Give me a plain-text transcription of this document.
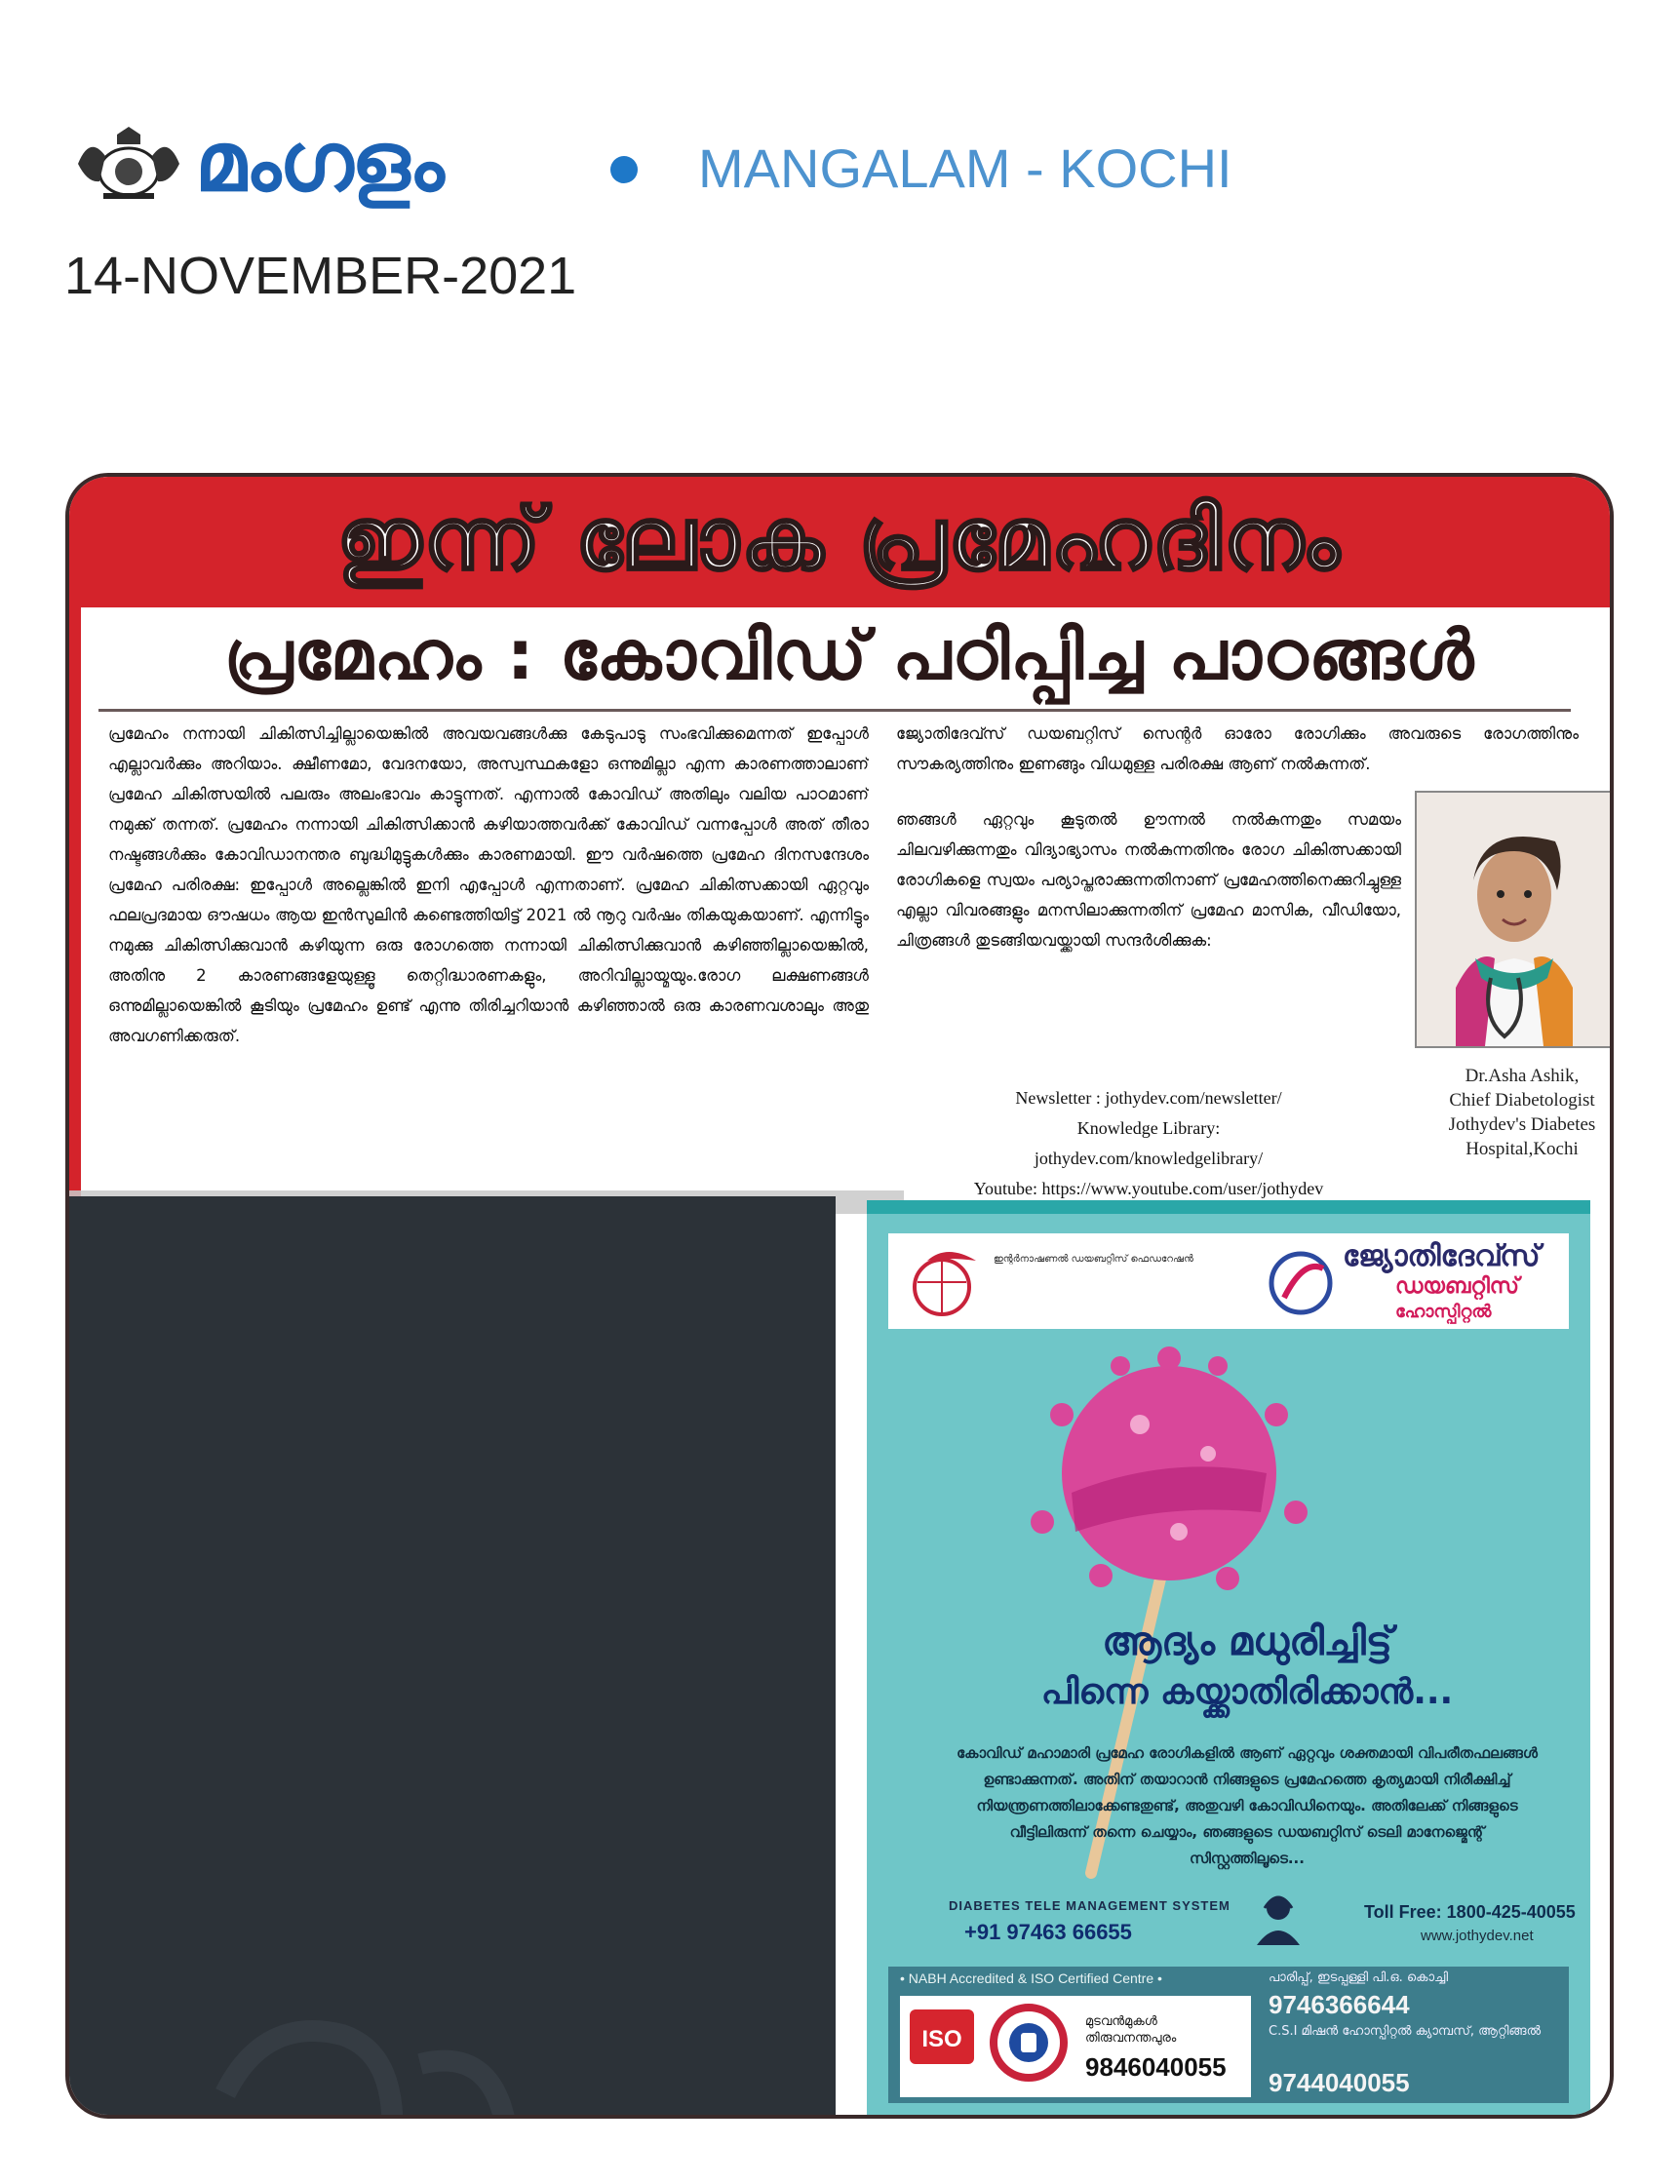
മംഗളം	MANGALAM - KOCHI
14-NOVEMBER-2021
ഇന്ന് ലോക പ്രമേഹദിനം
പ്രമേഹം : കോവിഡ് പഠിപ്പിച്ച പാഠങ്ങൾ
പ്രമേഹം നന്നായി ചികിത്സിച്ചില്ലായെങ്കിൽ അവയവങ്ങൾക്കു കേടുപാടു സംഭവിക്കുമെന്നത് ഇപ്പോൾ എല്ലാവർക്കും അറിയാം. ക്ഷീണമോ, വേദനയോ, അസ്വസ്ഥകളോ ഒന്നുമില്ലാ എന്ന കാരണത്താലാണ് പ്രമേഹ ചികിത്സയിൽ പലരും അലംഭാവം കാട്ടുന്നത്. എന്നാൽ കോവിഡ് അതിലും വലിയ പാഠമാണ് നമുക്ക് തന്നത്. പ്രമേഹം നന്നായി ചികിത്സിക്കാൻ കഴിയാത്തവർക്ക് കോവിഡ് വന്നപ്പോൾ അത് തീരാ നഷ്ടങ്ങൾക്കും കോവിഡാനന്തര ബുദ്ധിമുട്ടുകൾക്കും കാരണമായി. ഈ വർഷത്തെ പ്രമേഹ ദിനസന്ദേശം പ്രമേഹ പരിരക്ഷ: ഇപ്പോൾ അല്ലെങ്കിൽ ഇനി എപ്പോൾ എന്നതാണ്. പ്രമേഹ ചികിത്സക്കായി ഏറ്റവും ഫലപ്രദമായ ഔഷധം ആയ ഇൻസുലിൻ കണ്ടെത്തിയിട്ട് 2021 ൽ നൂറു വർഷം തികയുകയാണ്. എന്നിട്ടും നമുക്കു ചികിത്സിക്കുവാൻ കഴിയുന്ന ഒരു രോഗത്തെ നന്നായി ചികിത്സിക്കുവാൻ കഴിഞ്ഞില്ലായെങ്കിൽ, അതിനു 2 കാരണങ്ങളേയുള്ളൂ തെറ്റിദ്ധാരണകളും, അറിവില്ലായ്മയും.രോഗ ലക്ഷണങ്ങൾ ഒന്നുമില്ലായെങ്കിൽ കൂടിയും പ്രമേഹം ഉണ്ട് എന്നു തിരിച്ചറിയാൻ കഴിഞ്ഞാൽ ഒരു കാരണവശാലും അതു അവഗണിക്കരുത്.
ജ്യോതിദേവ്സ് ഡയബറ്റിസ് സെന്റർ ഓരോ രോഗിക്കും അവരുടെ രോഗത്തിനും സൗകര്യത്തിനും ഇണങ്ങും വിധമുള്ള പരിരക്ഷ ആണ് നൽകുന്നത്.
ഞങ്ങൾ ഏറ്റവും കൂടുതൽ ഊന്നൽ നൽകുന്നതും സമയം ചിലവഴിക്കുന്നതും വിദ്യാഭ്യാസം നൽകുന്നതിനും രോഗ ചികിത്സക്കായി രോഗികളെ സ്വയം പര്യാപ്തരാക്കുന്നതിനാണ് പ്രമേഹത്തിനെക്കുറിച്ചുള്ള എല്ലാ വിവരങ്ങളും മനസിലാക്കുന്നതിന് പ്രമേഹ മാസിക, വീഡിയോ, ചിത്രങ്ങൾ തുടങ്ങിയവയ്ക്കായി സന്ദർശിക്കുക:
Dr.Asha Ashik,
Chief Diabetologist
Jothydev's Diabetes
Hospital,Kochi
Newsletter : jothydev.com/newsletter/
Knowledge Library:
jothydev.com/knowledgelibrary/
Youtube: https://www.youtube.com/user/jothydev
ഇന്റർനാഷണൽ ഡയബറ്റിസ് ഫെഡറേഷൻ	ജ്യോതിദേവ്സ്
ഡയബറ്റിസ്
ഹോസ്പിറ്റൽ
ആദ്യം മധുരിച്ചിട്ട്
പിന്നെ കയ്ക്കാതിരിക്കാൻ...
കോവിഡ് മഹാമാരി പ്രമേഹ രോഗികളിൽ ആണ് ഏറ്റവും ശക്തമായി വിപരീതഫലങ്ങൾ ഉണ്ടാക്കുന്നത്. അതിന് തയാറാൻ നിങ്ങളുടെ പ്രമേഹത്തെ കൃത്യമായി നിരീക്ഷിച്ച് നിയന്ത്രണത്തിലാക്കേണ്ടതുണ്ട്, അതുവഴി കോവിഡിനെയും. അതിലേക്ക് നിങ്ങളുടെ വീട്ടിലിരുന്ന് തന്നെ ചെയ്യാം, ഞങ്ങളുടെ ഡയബറ്റിസ് ടെലി മാനേജ്മെന്റ് സിസ്റ്റത്തിലൂടെ...
DIABETES TELE MANAGEMENT SYSTEM
+91 97463 66655
Toll Free: 1800-425-40055
www.jothydev.net
• NABH Accredited & ISO Certified Centre •
ISO
മുടവൻമുകൾ തിരുവനന്തപുരം
9846040055
പാരിപ്പ്, ഇടപ്പള്ളി പി.ഒ. കൊച്ചി
9746366644
C.S.I മിഷൻ ഹോസ്പിറ്റൽ ക്യാമ്പസ്, ആറ്റിങ്ങൽ
9744040055
